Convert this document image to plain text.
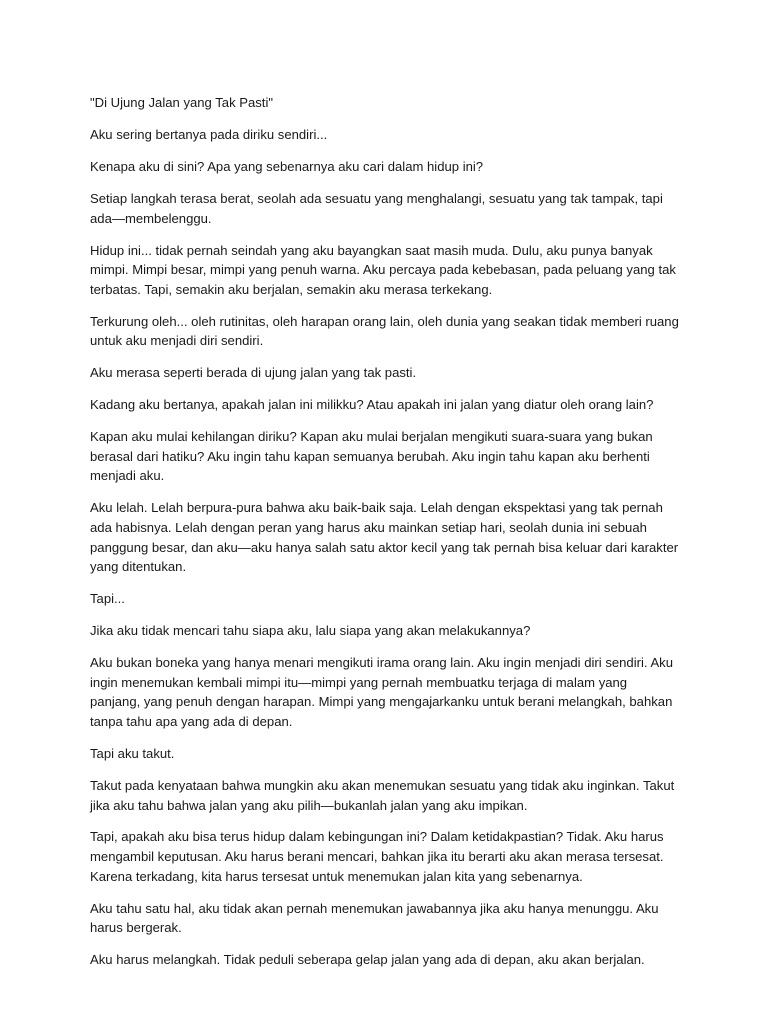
"Di Ujung Jalan yang Tak Pasti"

Aku sering bertanya pada diriku sendiri...

Kenapa aku di sini? Apa yang sebenarnya aku cari dalam hidup ini?

Setiap langkah terasa berat, seolah ada sesuatu yang menghalangi, sesuatu yang tak tampak, tapi ada—membelenggu.

Hidup ini... tidak pernah seindah yang aku bayangkan saat masih muda. Dulu, aku punya banyak mimpi. Mimpi besar, mimpi yang penuh warna. Aku percaya pada kebebasan, pada peluang yang tak terbatas. Tapi, semakin aku berjalan, semakin aku merasa terkekang.

Terkurung oleh... oleh rutinitas, oleh harapan orang lain, oleh dunia yang seakan tidak memberi ruang untuk aku menjadi diri sendiri.

Aku merasa seperti berada di ujung jalan yang tak pasti.

Kadang aku bertanya, apakah jalan ini milikku? Atau apakah ini jalan yang diatur oleh orang lain?

Kapan aku mulai kehilangan diriku? Kapan aku mulai berjalan mengikuti suara-suara yang bukan berasal dari hatiku? Aku ingin tahu kapan semuanya berubah. Aku ingin tahu kapan aku berhenti menjadi aku.

Aku lelah. Lelah berpura-pura bahwa aku baik-baik saja. Lelah dengan ekspektasi yang tak pernah ada habisnya. Lelah dengan peran yang harus aku mainkan setiap hari, seolah dunia ini sebuah panggung besar, dan aku—aku hanya salah satu aktor kecil yang tak pernah bisa keluar dari karakter yang ditentukan.

Tapi...

Jika aku tidak mencari tahu siapa aku, lalu siapa yang akan melakukannya?

Aku bukan boneka yang hanya menari mengikuti irama orang lain. Aku ingin menjadi diri sendiri. Aku ingin menemukan kembali mimpi itu—mimpi yang pernah membuatku terjaga di malam yang panjang, yang penuh dengan harapan. Mimpi yang mengajarkanku untuk berani melangkah, bahkan tanpa tahu apa yang ada di depan.

Tapi aku takut.

Takut pada kenyataan bahwa mungkin aku akan menemukan sesuatu yang tidak aku inginkan. Takut jika aku tahu bahwa jalan yang aku pilih—bukanlah jalan yang aku impikan.

Tapi, apakah aku bisa terus hidup dalam kebingungan ini? Dalam ketidakpastian? Tidak. Aku harus mengambil keputusan. Aku harus berani mencari, bahkan jika itu berarti aku akan merasa tersesat. Karena terkadang, kita harus tersesat untuk menemukan jalan kita yang sebenarnya.

Aku tahu satu hal, aku tidak akan pernah menemukan jawabannya jika aku hanya menunggu. Aku harus bergerak.

Aku harus melangkah. Tidak peduli seberapa gelap jalan yang ada di depan, aku akan berjalan.
